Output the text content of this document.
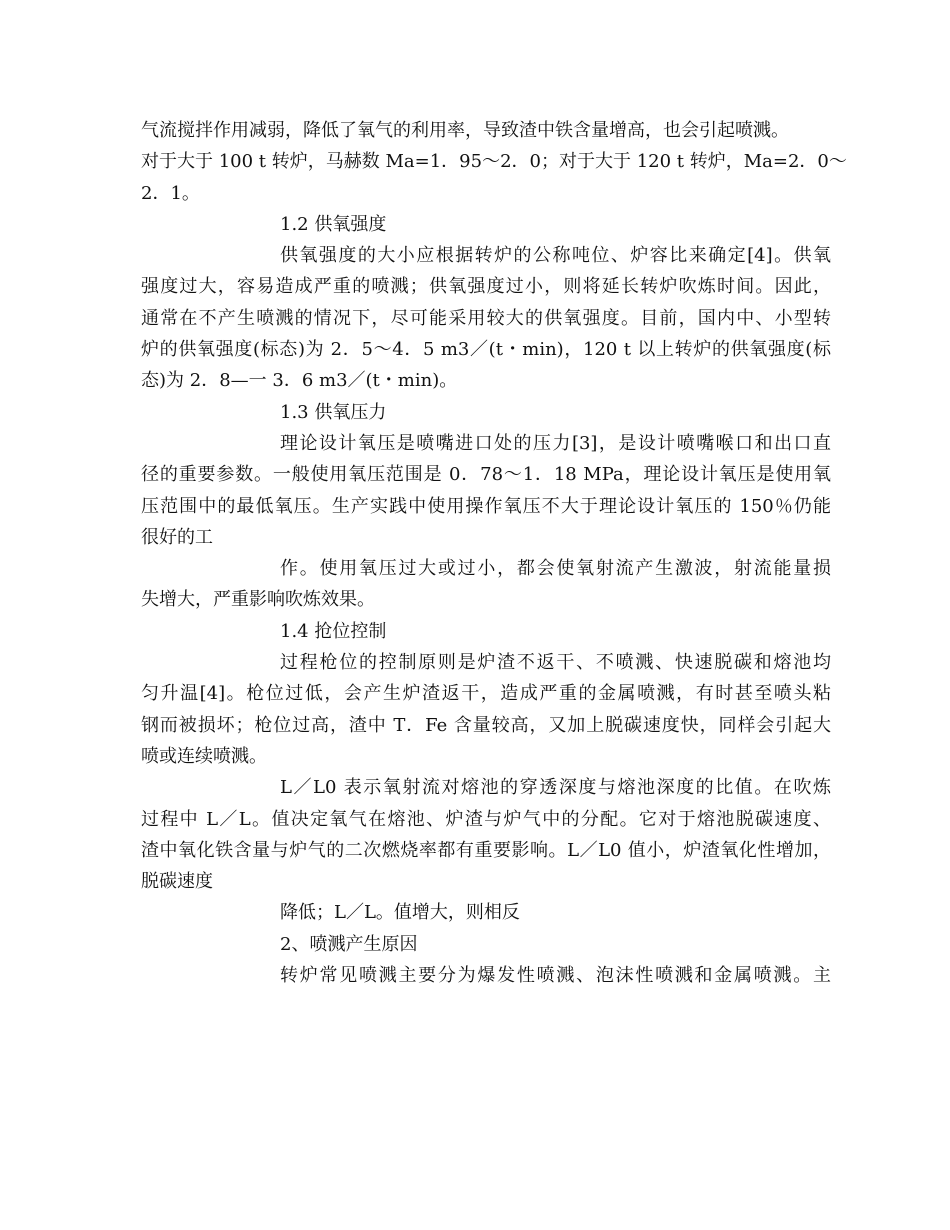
气流搅拌作用减弱，降低了氧气的利用率，导致渣中铁含量增高，也会引起喷溅。
对于大于 100 t 转炉，马赫数 Ma=1．95～2．0；对于大于 120 t 转炉，Ma=2．0～
2．1。
1.2 供氧强度
供氧强度的大小应根据转炉的公称吨位、炉容比来确定[4]。供氧
强度过大，容易造成严重的喷溅；供氧强度过小，则将延长转炉吹炼时间。因此，
通常在不产生喷溅的情况下，尽可能采用较大的供氧强度。目前，国内中、小型转
炉的供氧强度(标态)为 2．5～4．5 m3／(t・min)，120 t 以上转炉的供氧强度(标
态)为 2．8—一 3．6 m3／(t・min)。
1.3 供氧压力
理论设计氧压是喷嘴进口处的压力[3]，是设计喷嘴喉口和出口直
径的重要参数。一般使用氧压范围是 0．78～1．18 MPa，理论设计氧压是使用氧
压范围中的最低氧压。生产实践中使用操作氧压不大于理论设计氧压的 150％仍能
很好的工
作。使用氧压过大或过小，都会使氧射流产生激波，射流能量损
失增大，严重影响吹炼效果。
1.4 抢位控制
过程枪位的控制原则是炉渣不返干、不喷溅、快速脱碳和熔池均
匀升温[4]。枪位过低，会产生炉渣返干，造成严重的金属喷溅，有时甚至喷头粘
钢而被损坏；枪位过高，渣中 T．Fe 含量较高，又加上脱碳速度快，同样会引起大
喷或连续喷溅。
L／L0 表示氧射流对熔池的穿透深度与熔池深度的比值。在吹炼
过程中 L／L。值决定氧气在熔池、炉渣与炉气中的分配。它对于熔池脱碳速度、
渣中氧化铁含量与炉气的二次燃烧率都有重要影响。L／L0 值小，炉渣氧化性增加，
脱碳速度
降低；L／L。值增大，则相反
2、喷溅产生原因
转炉常见喷溅主要分为爆发性喷溅、泡沫性喷溅和金属喷溅。主
